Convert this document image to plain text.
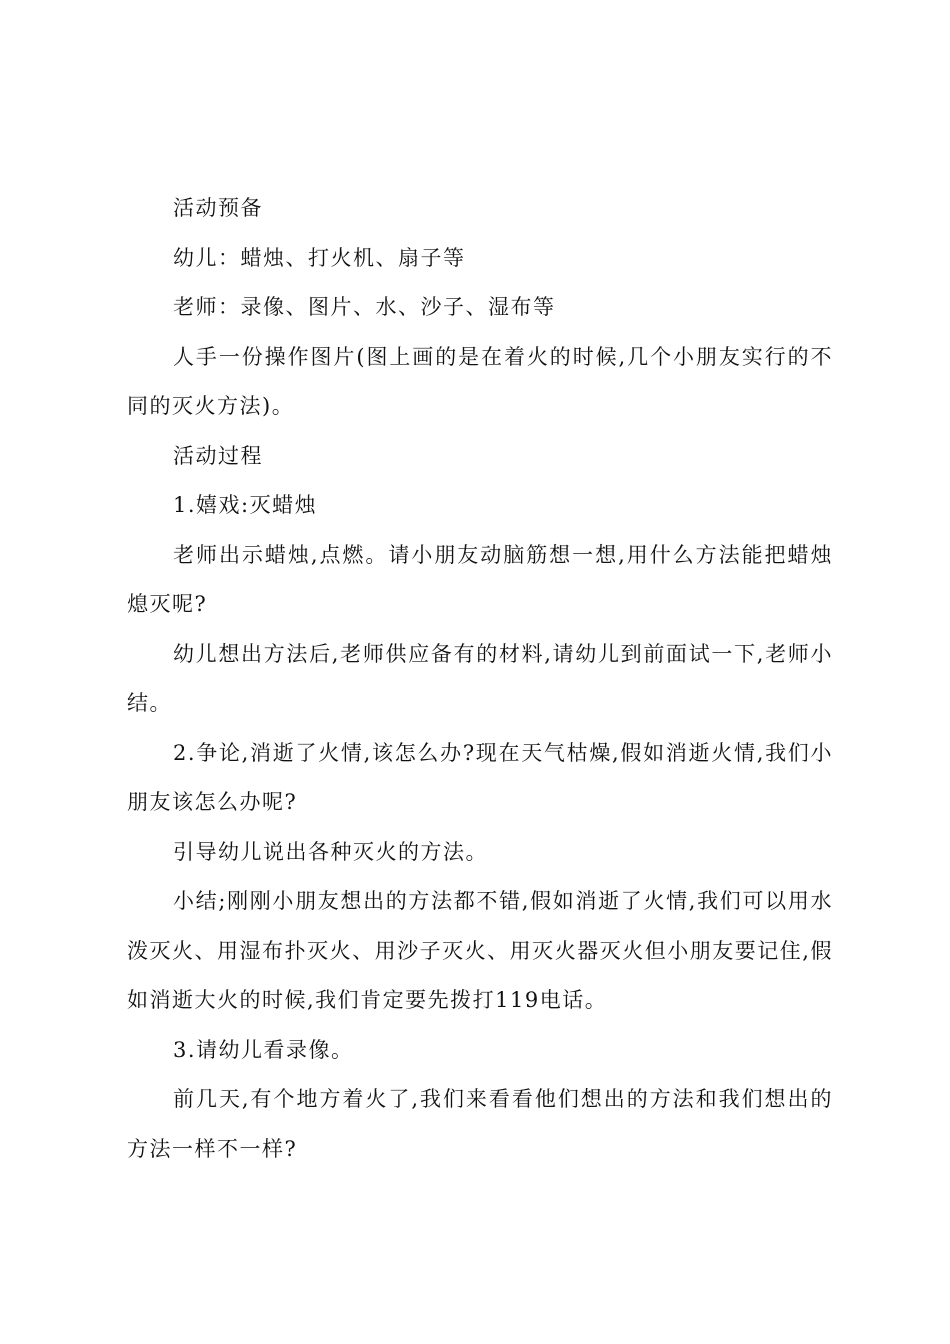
活动预备

幼儿：蜡烛、打火机、扇子等

老师：录像、图片、水、沙子、湿布等

人手一份操作图片(图上画的是在着火的时候,几个小朋友实行的不同的灭火方法)。

活动过程

1.嬉戏:灭蜡烛

老师出示蜡烛,点燃。请小朋友动脑筋想一想,用什么方法能把蜡烛熄灭呢?

幼儿想出方法后,老师供应备有的材料,请幼儿到前面试一下,老师小结。

2.争论,消逝了火情,该怎么办?现在天气枯燥,假如消逝火情,我们小朋友该怎么办呢?

引导幼儿说出各种灭火的方法。

小结;刚刚小朋友想出的方法都不错,假如消逝了火情,我们可以用水泼灭火、用湿布扑灭火、用沙子灭火、用灭火器灭火但小朋友要记住,假如消逝大火的时候,我们肯定要先拨打119电话。

3.请幼儿看录像。

前几天,有个地方着火了,我们来看看他们想出的方法和我们想出的方法一样不一样?
